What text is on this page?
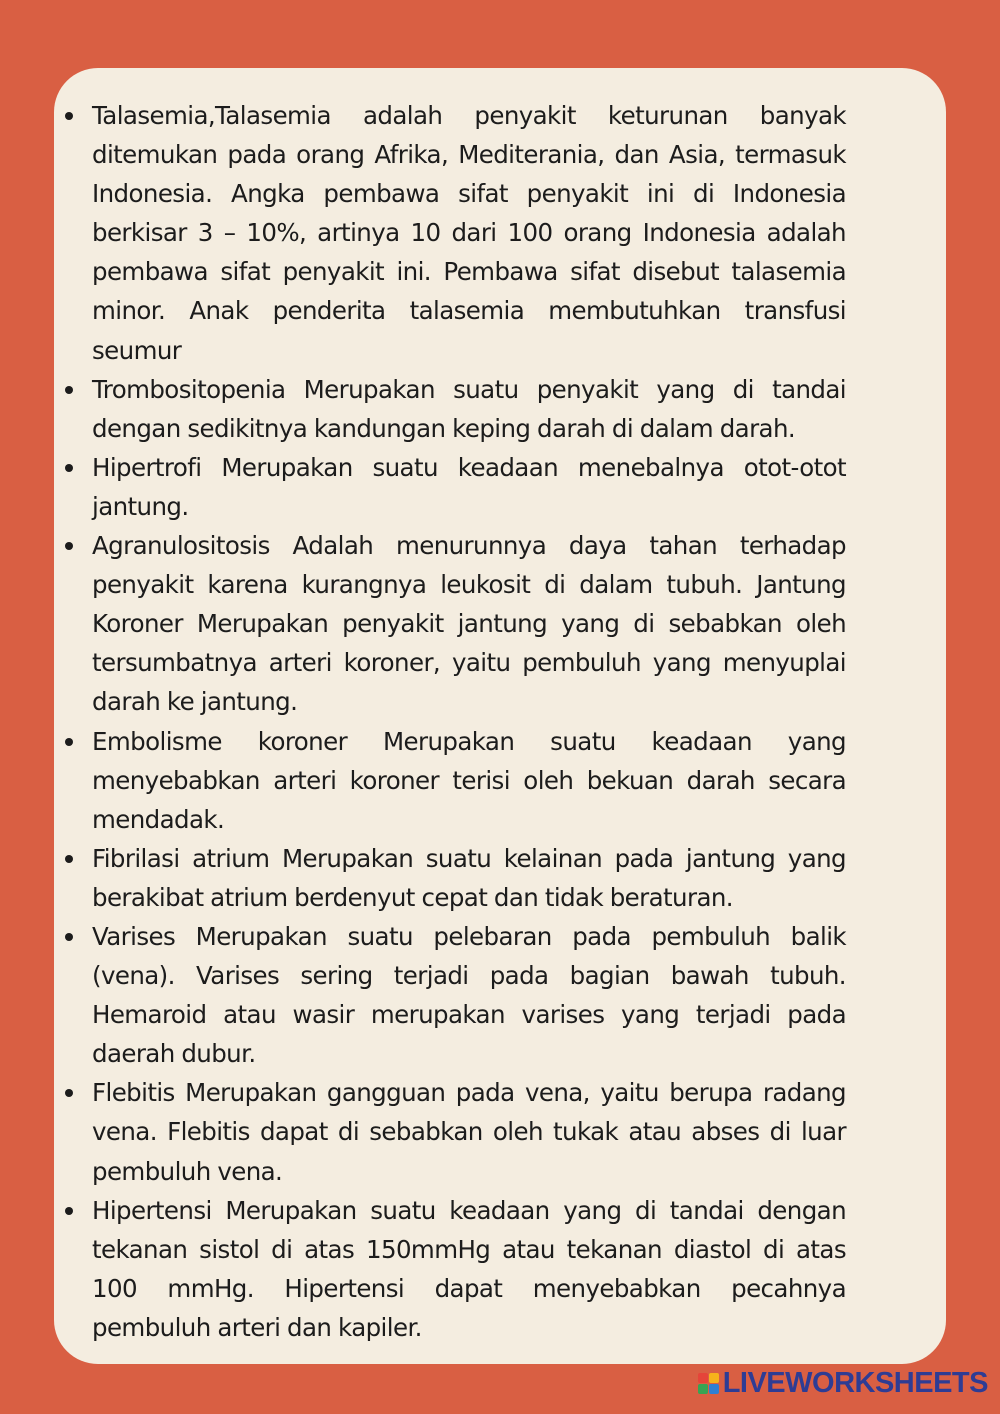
Talasemia,Talasemia adalah penyakit keturunan banyak ditemukan pada orang Afrika, Mediterania, dan Asia, termasuk Indonesia. Angka pembawa sifat penyakit ini di Indonesia berkisar 3 – 10%, artinya 10 dari 100 orang Indonesia adalah pembawa sifat penyakit ini. Pembawa sifat disebut talasemia minor. Anak penderita talasemia membutuhkan transfusi seumur
Trombositopenia Merupakan suatu penyakit yang di tandai dengan sedikitnya kandungan keping darah di dalam darah.
Hipertrofi Merupakan suatu keadaan menebalnya otot-otot jantung.
Agranulositosis Adalah menurunnya daya tahan terhadap penyakit karena kurangnya leukosit di dalam tubuh. Jantung Koroner Merupakan penyakit jantung yang di sebabkan oleh tersumbatnya arteri koroner, yaitu pembuluh yang menyuplai darah ke jantung.
Embolisme koroner Merupakan suatu keadaan yang menyebabkan arteri koroner terisi oleh bekuan darah secara mendadak.
Fibrilasi atrium Merupakan suatu kelainan pada jantung yang berakibat atrium berdenyut cepat dan tidak beraturan.
Varises Merupakan suatu pelebaran pada pembuluh balik (vena). Varises sering terjadi pada bagian bawah tubuh. Hemaroid atau wasir merupakan varises yang terjadi pada daerah dubur.
Flebitis Merupakan gangguan pada vena, yaitu berupa radang vena. Flebitis dapat di sebabkan oleh tukak atau abses di luar pembuluh vena.
Hipertensi Merupakan suatu keadaan yang di tandai dengan tekanan sistol di atas 150mmHg atau tekanan diastol di atas 100 mmHg. Hipertensi dapat menyebabkan pecahnya pembuluh arteri dan kapiler.
LIVEWORKSHEETS
